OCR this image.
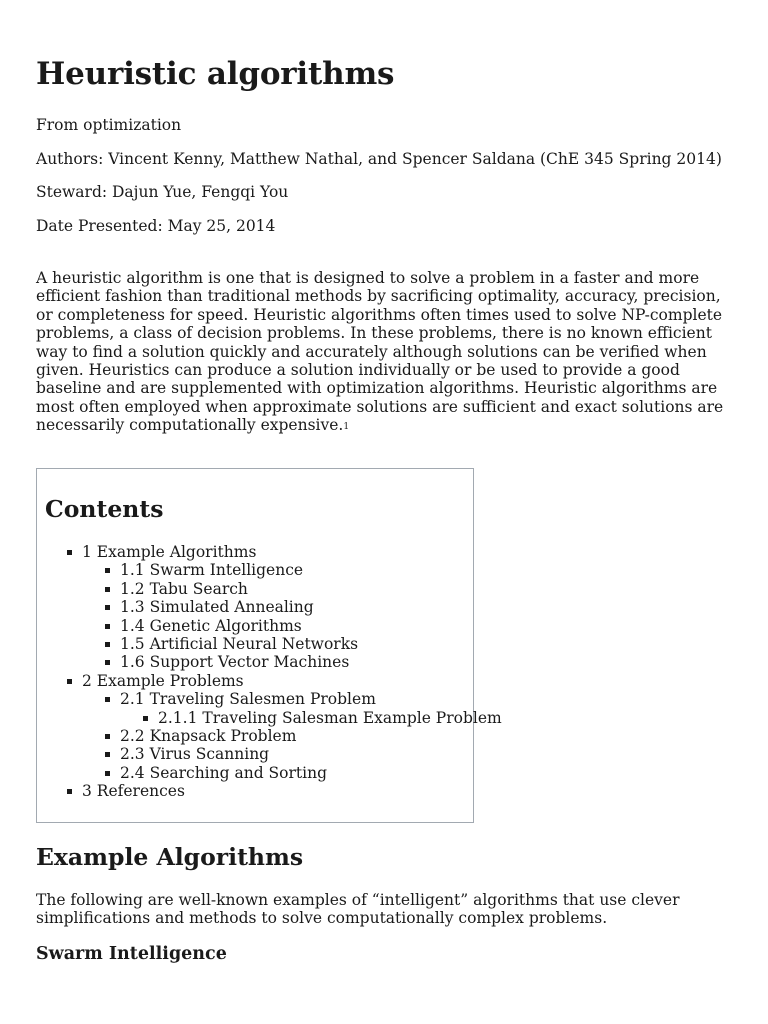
Heuristic algorithms

From optimization

Authors: Vincent Kenny, Matthew Nathal, and Spencer Saldana (ChE 345 Spring 2014)

Steward: Dajun Yue, Fengqi You

Date Presented: May 25, 2014

A heuristic algorithm is one that is designed to solve a problem in a faster and more efficient fashion than traditional methods by sacrificing optimality, accuracy, precision, or completeness for speed. Heuristic algorithms often times used to solve NP-complete problems, a class of decision problems. In these problems, there is no known efficient way to find a solution quickly and accurately although solutions can be verified when given. Heuristics can produce a solution individually or be used to provide a good baseline and are supplemented with optimization algorithms. Heuristic algorithms are most often employed when approximate solutions are sufficient and exact solutions are necessarily computationally expensive.$^1$

Contents
1 Example Algorithms
1.1 Swarm Intelligence
1.2 Tabu Search
1.3 Simulated Annealing
1.4 Genetic Algorithms
1.5 Artificial Neural Networks
1.6 Support Vector Machines
2 Example Problems
2.1 Traveling Salesmen Problem
2.1.1 Traveling Salesman Example Problem
2.2 Knapsack Problem
2.3 Virus Scanning
2.4 Searching and Sorting
3 References
Example Algorithms

The following are well-known examples of “intelligent” algorithms that use clever simplifications and methods to solve computationally complex problems.

Swarm Intelligence
